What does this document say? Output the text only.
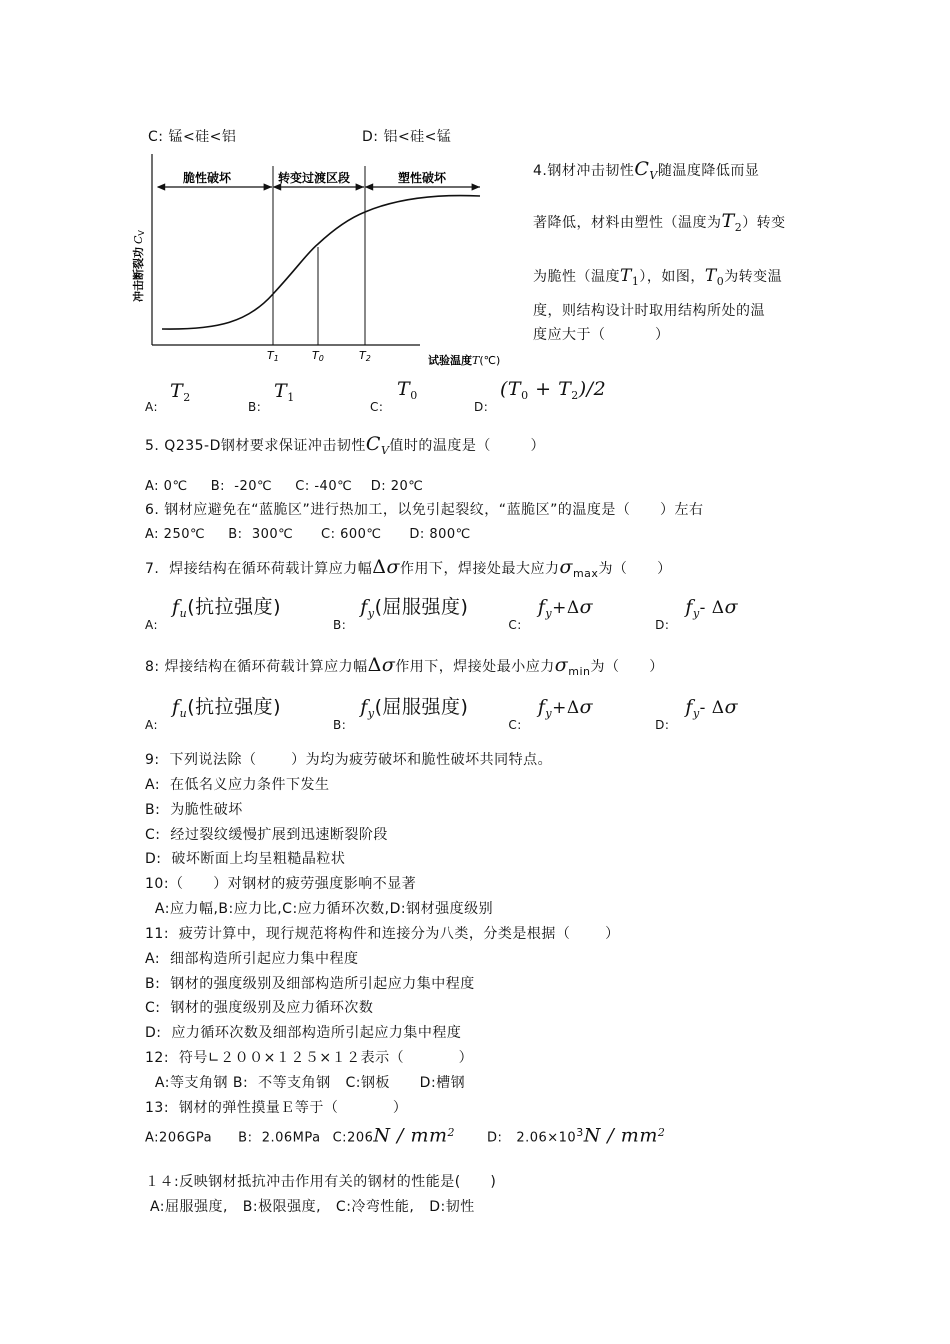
C: 锰<硅<铝	D: 铝<硅<锰
脆性破坏	转变过渡区段	塑性破坏
冲击断裂功CV
T1	T0	T2	试验温度T(℃)
4.钢材冲击韧性$C_V$随温度降低而显
著降低，材料由塑性（温度为$T_2$）转变
为脆性（温度$T_1$），如图，$T_0$为转变温
度，则结构设计时取用结构所处的温
度应大于（          ）
A:
$T_2$
B:
$T_1$
C:
$T_0$
D:
$(T_0 + T_2)/2$
5. Q235-D钢材要求保证冲击韧性$C_V$值时的温度是（        ）
A: 0℃     B:  -20℃     C: -40℃    D: 20℃
6. 钢材应避免在“蓝脆区”进行热加工，以免引起裂纹，“蓝脆区”的温度是（      ）左右
A: 250℃     B:  300℃      C: 600℃      D: 800℃
7.  焊接结构在循环荷载计算应力幅Δσ作用下，焊接处最大应力$\sigma_{max}$为（      ）
$A:f_u$(抗拉强度)$B:f_y$(屈服强度)$C:f_y+\Delta\sigma D:f_y-$ Δσ
8: 焊接结构在循环荷载计算应力幅Δσ作用下，焊接处最小应力$\sigma_{min}$为（      ）
$A:f_u$(抗拉强度)$B:f_y$(屈服强度)$C:f_y+\Delta\sigma D:f_y-$ Δσ
9:  下列说法除（       ）为均为疲劳破坏和脆性破坏共同特点。
A:  在低名义应力条件下发生
B:  为脆性破坏
C:  经过裂纹缓慢扩展到迅速断裂阶段
D:  破坏断面上均呈粗糙晶粒状
10:（      ）对钢材的疲劳强度影响不显著
A:应力幅,B:应力比,C:应力循环次数,D:钢材强度级别
11:  疲劳计算中，现行规范将构件和连接分为八类，分类是根据（       ）
A:  细部构造所引起应力集中程度
B:  钢材的强度级别及细部构造所引起应力集中程度
C:  钢材的强度级别及应力循环次数
D:  应力循环次数及细部构造所引起应力集中程度
12:  符号∟２００×１２５×１２表示（           ）
A:等支角钢 B:  不等支角钢   C:钢板      D:槽钢
13:  钢材的弹性摸量Ｅ等于（           ）
A:206GPa B:  2.06MPa C:206N / $mm^2$ D:   $2.06\times 10^3N / mm^2$
１４:反映钢材抵抗冲击作用有关的钢材的性能是(      )
A:屈服强度,   B:极限强度,   C:冷弯性能,   D:韧性
